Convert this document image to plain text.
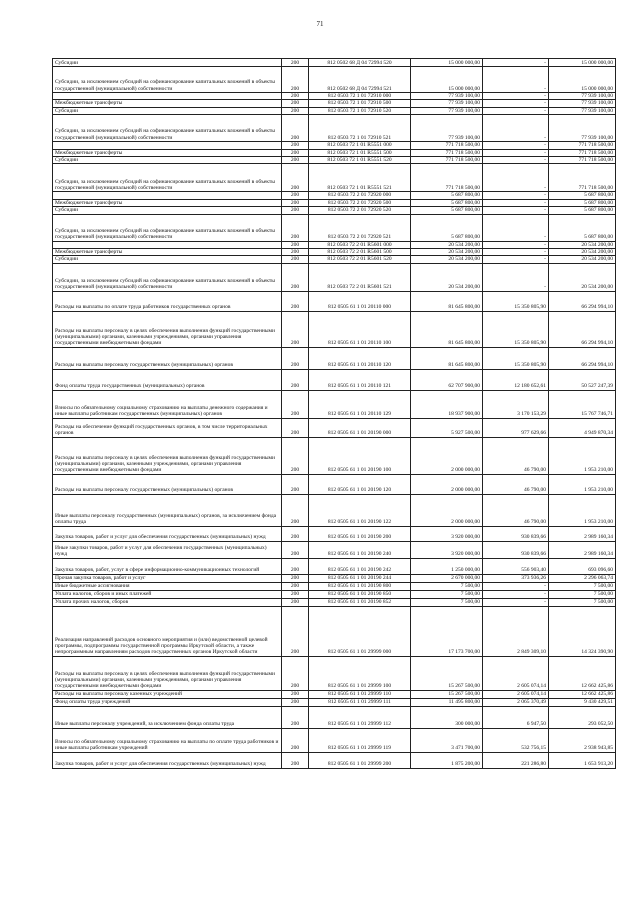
71
Субсидии	200	812 0502 68 Д 04 72994 520	15 000 000,00	-	15 000 000,00
Субсидии, за исключением субсидий на софинансирование капитальных вложений в объекты государственной (муниципальной) собственности	200	812 0502 68 Д 04 72994 521	15 000 000,00	-	15 000 000,00
	200	812 0503 72 1 01 72910 000	77 939 100,00	-	77 939 100,00
Межбюджетные трансферты	200	812 0503 72 1 01 72910 500	77 939 100,00	-	77 939 100,00
Субсидии	200	812 0503 72 1 01 72910 520	77 939 100,00	-	77 939 100,00
Субсидии, за исключением субсидий на софинансирование капитальных вложений в объекты государственной (муниципальной) собственности	200	812 0503 72 1 01 72910 521	77 939 100,00	-	77 939 100,00
	200	812 0503 72 1 01 R5551 000	771 718 500,00	-	771 718 500,00
Межбюджетные трансферты	200	812 0503 72 1 01 R5551 500	771 718 500,00	-	771 718 500,00
Субсидии	200	812 0503 72 1 01 R5551 520	771 718 500,00	-	771 718 500,00
Субсидии, за исключением субсидий на софинансирование капитальных вложений в объекты государственной (муниципальной) собственности	200	812 0503 72 1 01 R5551 521	771 718 500,00	-	771 718 500,00
	200	812 0503 72 2 01 72920 000	5 687 800,00	-	5 687 800,00
Межбюджетные трансферты	200	812 0503 72 2 01 72920 500	5 687 800,00	-	5 687 800,00
Субсидии	200	812 0503 72 2 01 72920 520	5 687 800,00	-	5 687 800,00
Субсидии, за исключением субсидий на софинансирование капитальных вложений в объекты государственной (муниципальной) собственности	200	812 0503 72 2 01 72920 521	5 687 800,00	-	5 687 800,00
	200	812 0503 72 2 01 R5601 000	20 534 200,00	-	20 534 200,00
Межбюджетные трансферты	200	812 0503 72 2 01 R5601 500	20 534 200,00	-	20 534 200,00
Субсидии	200	812 0503 72 2 01 R5601 520	20 534 200,00	-	20 534 200,00
Субсидии, за исключением субсидий на софинансирование капитальных вложений в объекты государственной (муниципальной) собственности	200	812 0503 72 2 01 R5601 521	20 534 200,00	-	20 534 200,00
Расходы на выплаты по оплате труда работников государственных органов	200	812 0505 61 1 01 20110 000	81 645 800,00	15 350 805,90	66 294 994,10
Расходы на выплаты персоналу в целях обеспечения выполнения функций государственными (муниципальными) органами, казенными учреждениями, органами управления государственными внебюджетными фондами	200	812 0505 61 1 01 20110 100	81 645 800,00	15 350 805,90	66 294 994,10
Расходы на выплаты персоналу государственных (муниципальных) органов	200	812 0505 61 1 01 20110 120	81 645 800,00	15 350 805,90	66 294 994,10
Фонд оплаты труда государственных (муниципальных) органов	200	812 0505 61 1 01 20110 121	62 707 900,00	12 180 652,61	50 527 247,39
Взносы по обязательному социальному страхованию на выплаты денежного содержания и иные выплаты работникам государственных (муниципальных) органов	200	812 0505 61 1 01 20110 129	18 937 900,00	3 170 153,29	15 767 746,71
Расходы на обеспечение функций государственных органов, в том числе территориальных органов	200	812 0505 61 1 01 20190 000	5 927 500,00	977 629,66	4 949 870,34
Расходы на выплаты персоналу в целях обеспечения выполнения функций государственными (муниципальными) органами, казенными учреждениями, органами управления государственными внебюджетными фондами	200	812 0505 61 1 01 20190 100	2 000 000,00	46 790,00	1 953 210,00
Расходы на выплаты персоналу государственных (муниципальных) органов	200	812 0505 61 1 01 20190 120	2 000 000,00	46 790,00	1 953 210,00
Иные выплаты персоналу государственных (муниципальных) органов, за исключением фонда оплаты труда	200	812 0505 61 1 01 20190 122	2 000 000,00	46 790,00	1 953 210,00
Закупка товаров, работ и услуг для обеспечения государственных (муниципальных) нужд	200	812 0505 61 1 01 20190 200	3 920 000,00	930 839,66	2 989 160,34
Иные закупки товаров, работ и услуг для обеспечения государственных (муниципальных) нужд	200	812 0505 61 1 01 20190 240	3 920 000,00	930 839,66	2 989 160,34
Закупка товаров, работ, услуг в сфере информационно-коммуникационных технологий	200	812 0505 61 1 01 20190 242	1 250 000,00	556 903,40	693 096,60
Прочая закупка товаров, работ и услуг	200	812 0505 61 1 01 20190 244	2 670 000,00	373 936,26	2 296 063,74
Иные бюджетные ассигнования	200	812 0505 61 1 01 20190 800	7 500,00	-	7 500,00
Уплата налогов, сборов и иных платежей	200	812 0505 61 1 01 20190 850	7 500,00	-	7 500,00
Уплата прочих налогов, сборов	200	812 0505 61 1 01 20190 852	7 500,00	-	7 500,00
Реализация направлений расходов основного мероприятия и (или) ведомственной целевой программы, подпрограммы государственной программы Иркутской области, а также непрограммным направлениям расходов государственных органов Иркутской области	200	812 0505 61 1 01 29999 000	17 173 700,00	2 849 309,10	14 324 390,90
Расходы на выплаты персоналу в целях обеспечения выполнения функций государственными (муниципальными) органами, казенными учреждениями, органами управления государственными внебюджетными фондами	200	812 0505 61 1 01 29999 100	15 267 500,00	2 605 074,14	12 662 425,86
Расходы на выплаты персоналу казенных учреждений	200	812 0505 61 1 01 29999 110	15 267 500,00	2 605 074,14	12 662 425,86
Фонд оплаты труда учреждений	200	812 0505 61 1 01 29999 111	11 495 800,00	2 065 370,49	9 430 429,51
Иные выплаты персоналу учреждений, за исключением фонда оплаты труда	200	812 0505 61 1 01 29999 112	300 000,00	6 947,50	293 052,50
Взносы по обязательному социальному страхованию на выплаты по оплате труда работников и иные выплаты работникам учреждений	200	812 0505 61 1 01 29999 119	3 471 700,00	532 756,15	2 938 943,85
Закупка товаров, работ и услуг для обеспечения государственных (муниципальных) нужд	200	812 0505 61 1 01 29999 200	1 875 200,00	221 286,80	1 653 913,20
